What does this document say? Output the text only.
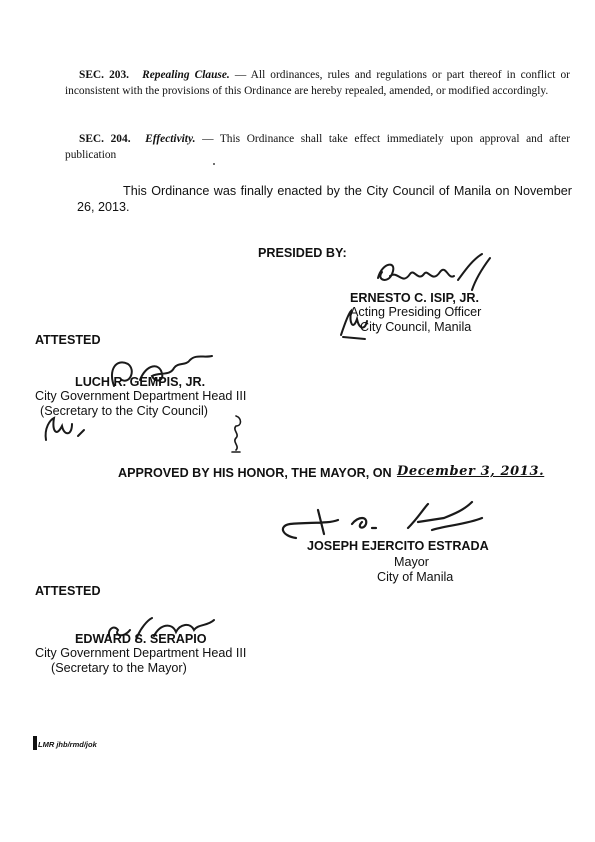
SEC. 203. Repealing Clause. — All ordinances, rules and regulations or part thereof in conflict or inconsistent with the provisions of this Ordinance are hereby repealed, amended, or modified accordingly.
SEC. 204. Effectivity. — This Ordinance shall take effect immediately upon approval and after publication
This Ordinance was finally enacted by the City Council of Manila on November 26, 2013.
PRESIDED BY:
ERNESTO C. ISIP, JR.
Acting Presiding Officer
City Council, Manila
ATTESTED
LUCH R. GEMPIS, JR.
City Government Department Head III
(Secretary to the City Council)
APPROVED BY HIS HONOR, THE MAYOR, ON December 3, 2013.
JOSEPH EJERCITO ESTRADA
Mayor
City of Manila
ATTESTED
EDWARD S. SERAPIO
City Government Department Head III
(Secretary to the Mayor)
LMR jhb/rmd/jok
